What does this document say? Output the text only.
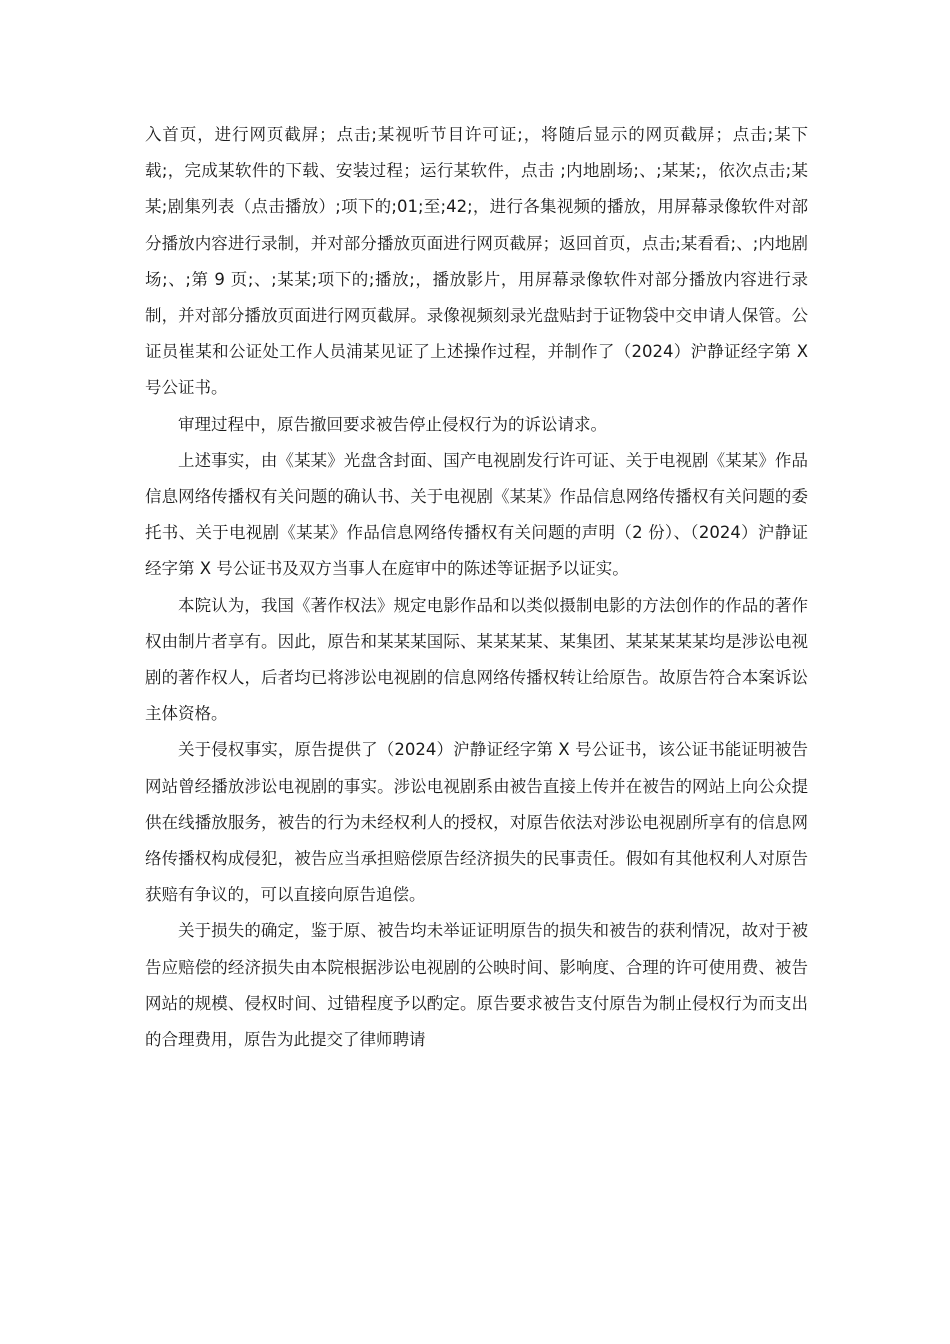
入首页，进行网页截屏；点击;某视听节目许可证;，将随后显示的网页截屏；点击;某下载;，完成某软件的下载、安装过程；运行某软件，点击 ;内地剧场;、;某某;，依次点击;某某;剧集列表（点击播放）;项下的;01;至;42;，进行各集视频的播放，用屏幕录像软件对部分播放内容进行录制，并对部分播放页面进行网页截屏；返回首页，点击;某看看;、;内地剧场;、;第 9 页;、;某某;项下的;播放;，播放影片，用屏幕录像软件对部分播放内容进行录制，并对部分播放页面进行网页截屏。录像视频刻录光盘贴封于证物袋中交申请人保管。公证员崔某和公证处工作人员浦某见证了上述操作过程，并制作了（2024）沪静证经字第 X 号公证书。

审理过程中，原告撤回要求被告停止侵权行为的诉讼请求。

上述事实，由《某某》光盘含封面、国产电视剧发行许可证、关于电视剧《某某》作品信息网络传播权有关问题的确认书、关于电视剧《某某》作品信息网络传播权有关问题的委托书、关于电视剧《某某》作品信息网络传播权有关问题的声明（2 份）、（2024）沪静证经字第 X 号公证书及双方当事人在庭审中的陈述等证据予以证实。

本院认为，我国《著作权法》规定电影作品和以类似摄制电影的方法创作的作品的著作权由制片者享有。因此，原告和某某某国际、某某某某、某集团、某某某某某均是涉讼电视剧的著作权人，后者均已将涉讼电视剧的信息网络传播权转让给原告。故原告符合本案诉讼主体资格。

关于侵权事实，原告提供了（2024）沪静证经字第 X 号公证书，该公证书能证明被告网站曾经播放涉讼电视剧的事实。涉讼电视剧系由被告直接上传并在被告的网站上向公众提供在线播放服务，被告的行为未经权利人的授权，对原告依法对涉讼电视剧所享有的信息网络传播权构成侵犯，被告应当承担赔偿原告经济损失的民事责任。假如有其他权利人对原告获赔有争议的，可以直接向原告追偿。

关于损失的确定，鉴于原、被告均未举证证明原告的损失和被告的获利情况，故对于被告应赔偿的经济损失由本院根据涉讼电视剧的公映时间、影响度、合理的许可使用费、被告网站的规模、侵权时间、过错程度予以酌定。原告要求被告支付原告为制止侵权行为而支出的合理费用，原告为此提交了律师聘请
